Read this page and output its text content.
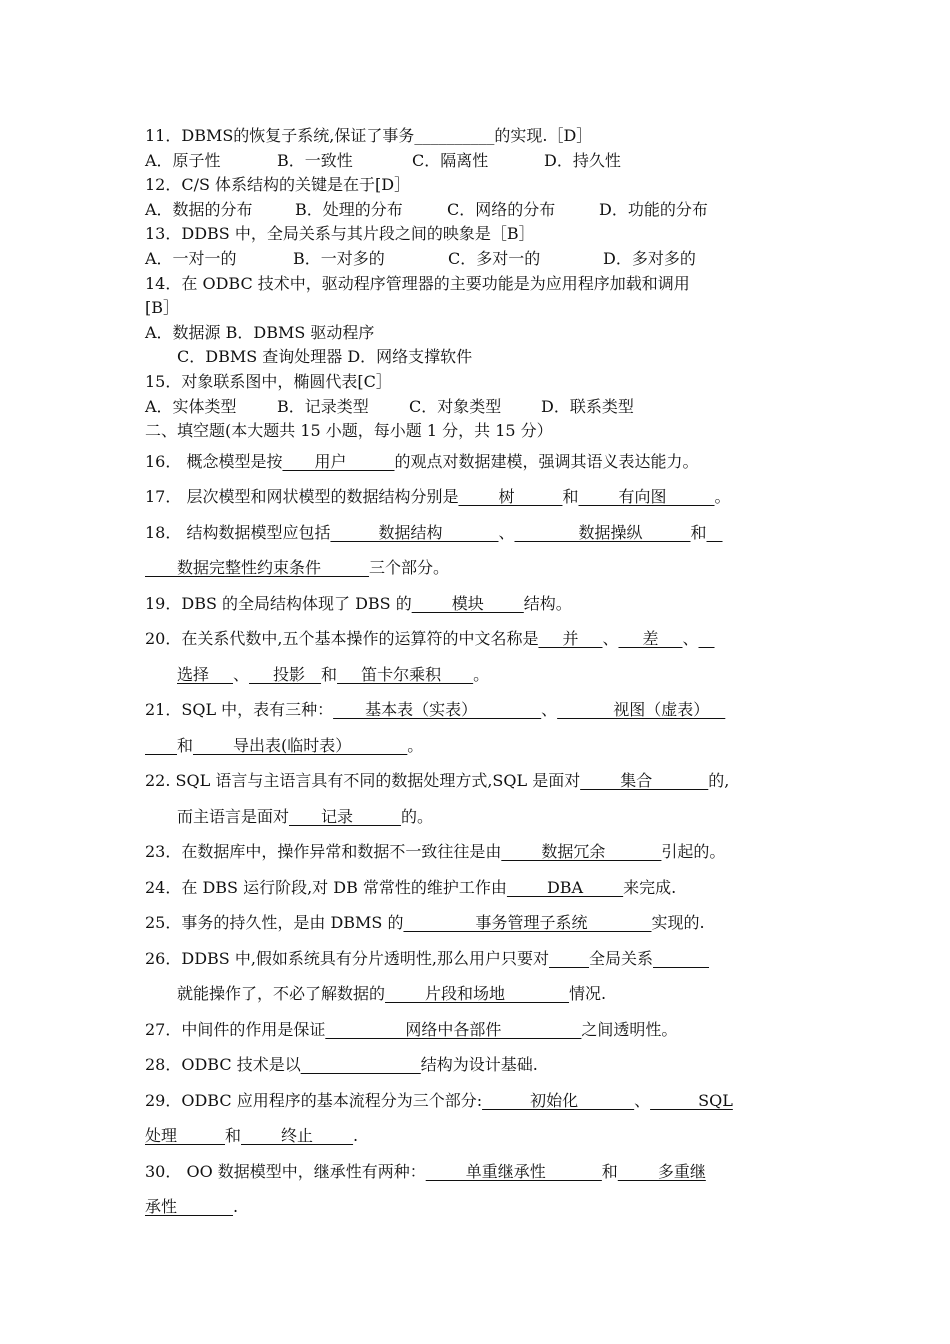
11．DBMS的恢复子系统,保证了事务__________的实现.［D］
A．原子性	B．一致性	C．隔离性	D．持久性
12．C/S 体系结构的关键是在于[D］
A．数据的分布	B．处理的分布	C．网络的分布	D．功能的分布
13．DDBS 中，全局关系与其片段之间的映象是［B］
A．一对一的	B．一对多的	C．多对一的	D．多对多的
14．在 ODBC 技术中，驱动程序管理器的主要功能是为应用程序加载和调用
[B］
A．数据源 B．DBMS 驱动程序
C．DBMS 查询处理器 D．网络支撑软件
15．对象联系图中，椭圆代表[C］
A．实体类型	B．记录类型	C．对象类型 D．联系类型
二、填空题(本大题共 15 小题，每小题 1 分，共 15 分）
16． 概念模型是按____用户______的观点对数据建模，强调其语义表达能力。
17． 层次模型和网状模型的数据结构分别是_____树______和_____有向图______。
18． 结构数据模型应包括______数据结构_______、________数据操纵______和__
____数据完整性约束条件______三个部分。
19．DBS 的全局结构体现了 DBS 的_____模块_____结构。
20．在关系代数中,五个基本操作的运算符的中文名称是___并___、___差___、__
选择___、___投影__和___笛卡尔乘积____。
21．SQL 中，表有三种：____基本表（实表）________、_______视图（虚表）__
____和_____导出表(临时表）_______。
22. SQL 语言与主语言具有不同的数据处理方式,SQL 是面对_____集合_______的,
而主语言是面对____记录______的。
23．在数据库中，操作异常和数据不一致往往是由_____数据冗余_______引起的。
24．在 DBS 运行阶段,对 DB 常常性的维护工作由_____DBA_____来完成.
25．事务的持久性，是由 DBMS 的_________事务管理子系统________实现的.
26．DDBS 中,假如系统具有分片透明性,那么用户只要对_____全局关系_______
就能操作了，不必了解数据的_____片段和场地________情况.
27．中间件的作用是保证__________网络中各部件__________之间透明性。
28．ODBC 技术是以_______________结构为设计基础.
29．ODBC 应用程序的基本流程分为三个部分:______初始化_______、______SQL
处理______和_____终止_____.
30． OO 数据模型中，继承性有两种：_____单重继承性_______和_____多重继
承性_______.
